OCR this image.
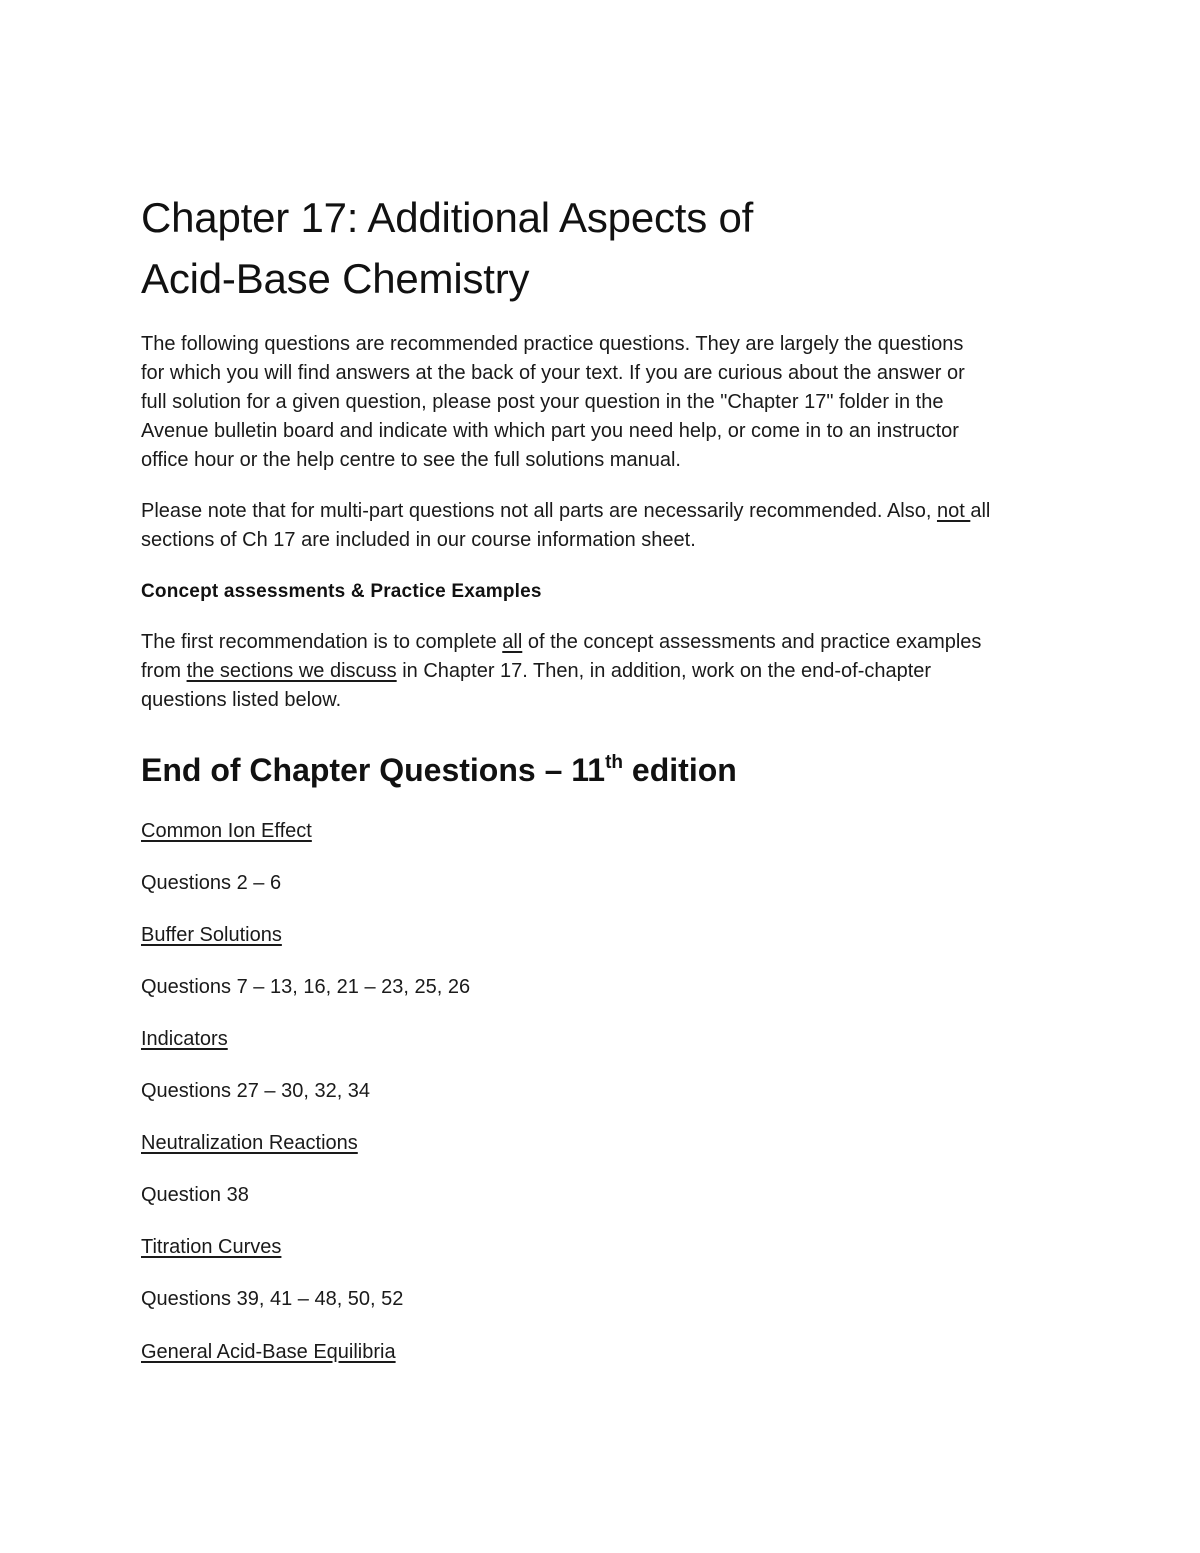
Chapter 17: Additional Aspects of
Acid-Base Chemistry

The following questions are recommended practice questions. They are largely the questions
for which you will find answers at the back of your text. If you are curious about the answer or
full solution for a given question, please post your question in the "Chapter 17" folder in the
Avenue bulletin board and indicate with which part you need help, or come in to an instructor
office hour or the help centre to see the full solutions manual.

Please note that for multi-part questions not all parts are necessarily recommended. Also, not all
sections of Ch 17 are included in our course information sheet.

Concept assessments & Practice Examples

The first recommendation is to complete all of the concept assessments and practice examples
from the sections we discuss in Chapter 17. Then, in addition, work on the end-of-chapter
questions listed below.

End of Chapter Questions – 11th edition

Common Ion Effect

Questions 2 – 6

Buffer Solutions

Questions 7 – 13, 16, 21 – 23, 25, 26

Indicators

Questions 27 – 30, 32, 34

Neutralization Reactions

Question 38

Titration Curves

Questions 39, 41 – 48, 50, 52

General Acid-Base Equilibria
